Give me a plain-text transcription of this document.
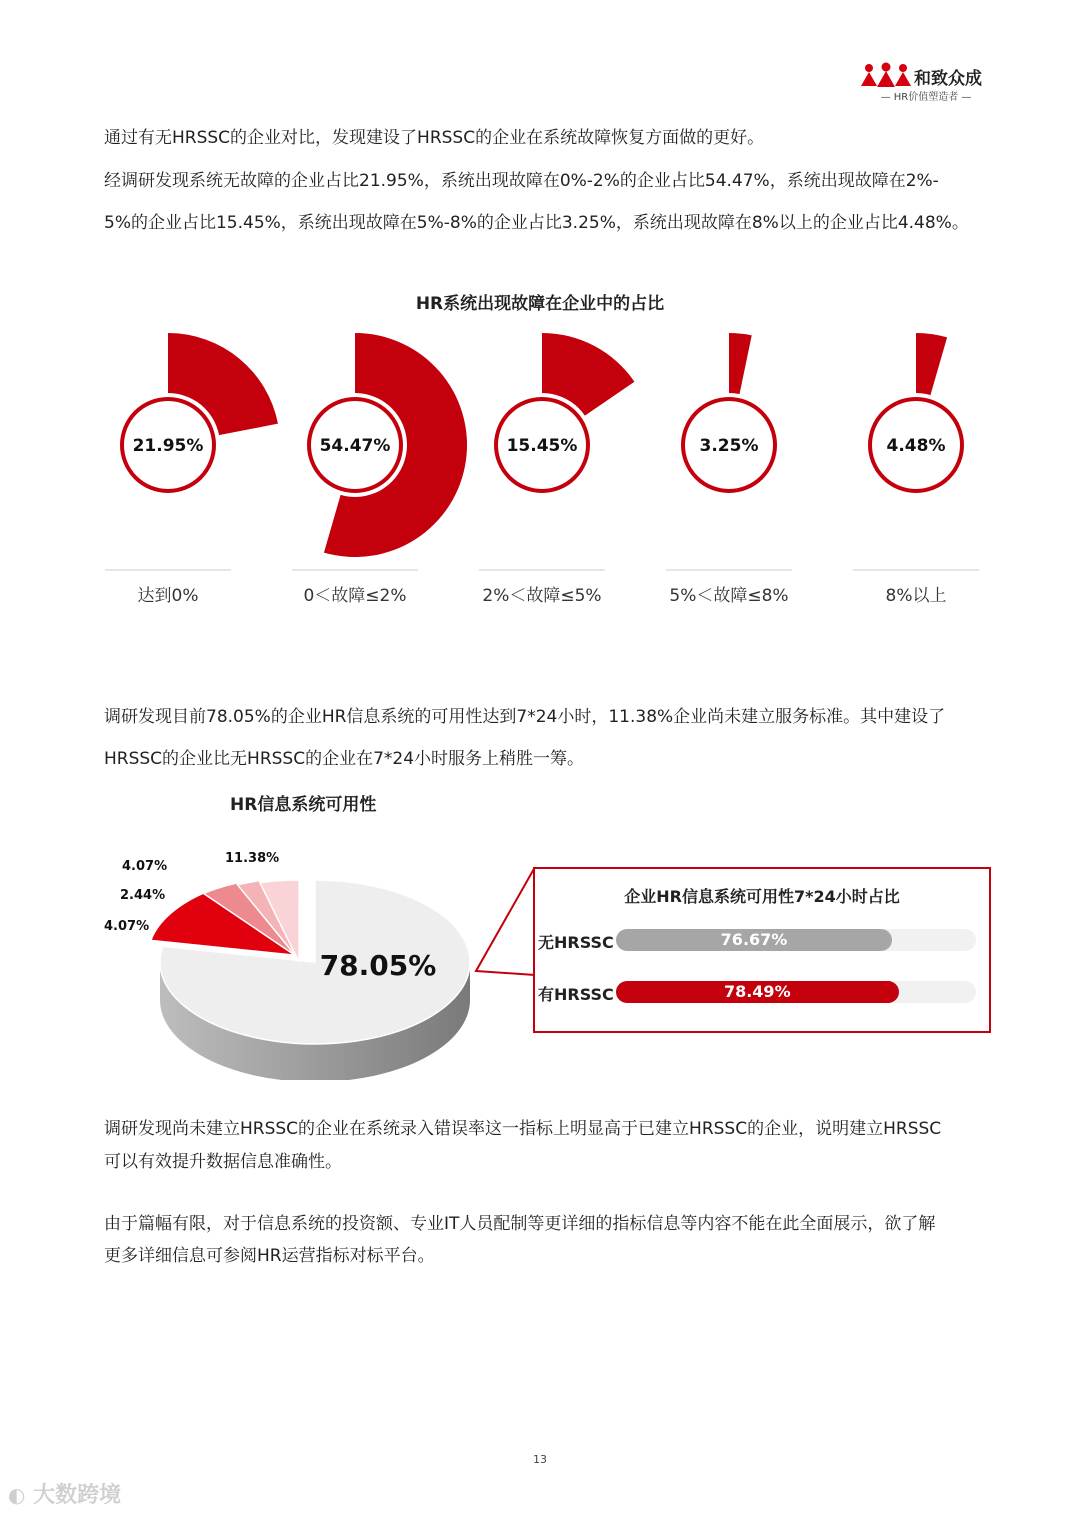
和致众成
— HR价值塑造者 —
通过有无HRSSC的企业对比，发现建设了HRSSC的企业在系统故障恢复方面做的更好。
经调研发现系统无故障的企业占比21.95%，系统出现故障在0%-2%的企业占比54.47%，系统出现故障在2%-
5%的企业占比15.45%，系统出现故障在5%-8%的企业占比3.25%，系统出现故障在8%以上的企业占比4.48%。
HR系统出现故障在企业中的占比
21.95%	54.47%	15.45%	3.25%	4.48%
达到0%	0＜故障≤2%	2%＜故障≤5%	5%＜故障≤8%	8%以上
调研发现目前78.05%的企业HR信息系统的可用性达到7*24小时，11.38%企业尚未建立服务标准。其中建设了
HRSSC的企业比无HRSSC的企业在7*24小时服务上稍胜一筹。
HR信息系统可用性
78.05%
11.38%
4.07%
2.44%
4.07%
企业HR信息系统可用性7*24小时占比
无HRSSC	76.67%
有HRSSC	78.49%
调研发现尚未建立HRSSC的企业在系统录入错误率这一指标上明显高于已建立HRSSC的企业，说明建立HRSSC
可以有效提升数据信息准确性。
由于篇幅有限，对于信息系统的投资额、专业IT人员配制等更详细的指标信息等内容不能在此全面展示，欲了解
更多详细信息可参阅HR运营指标对标平台。
13
◐ 大数跨境
